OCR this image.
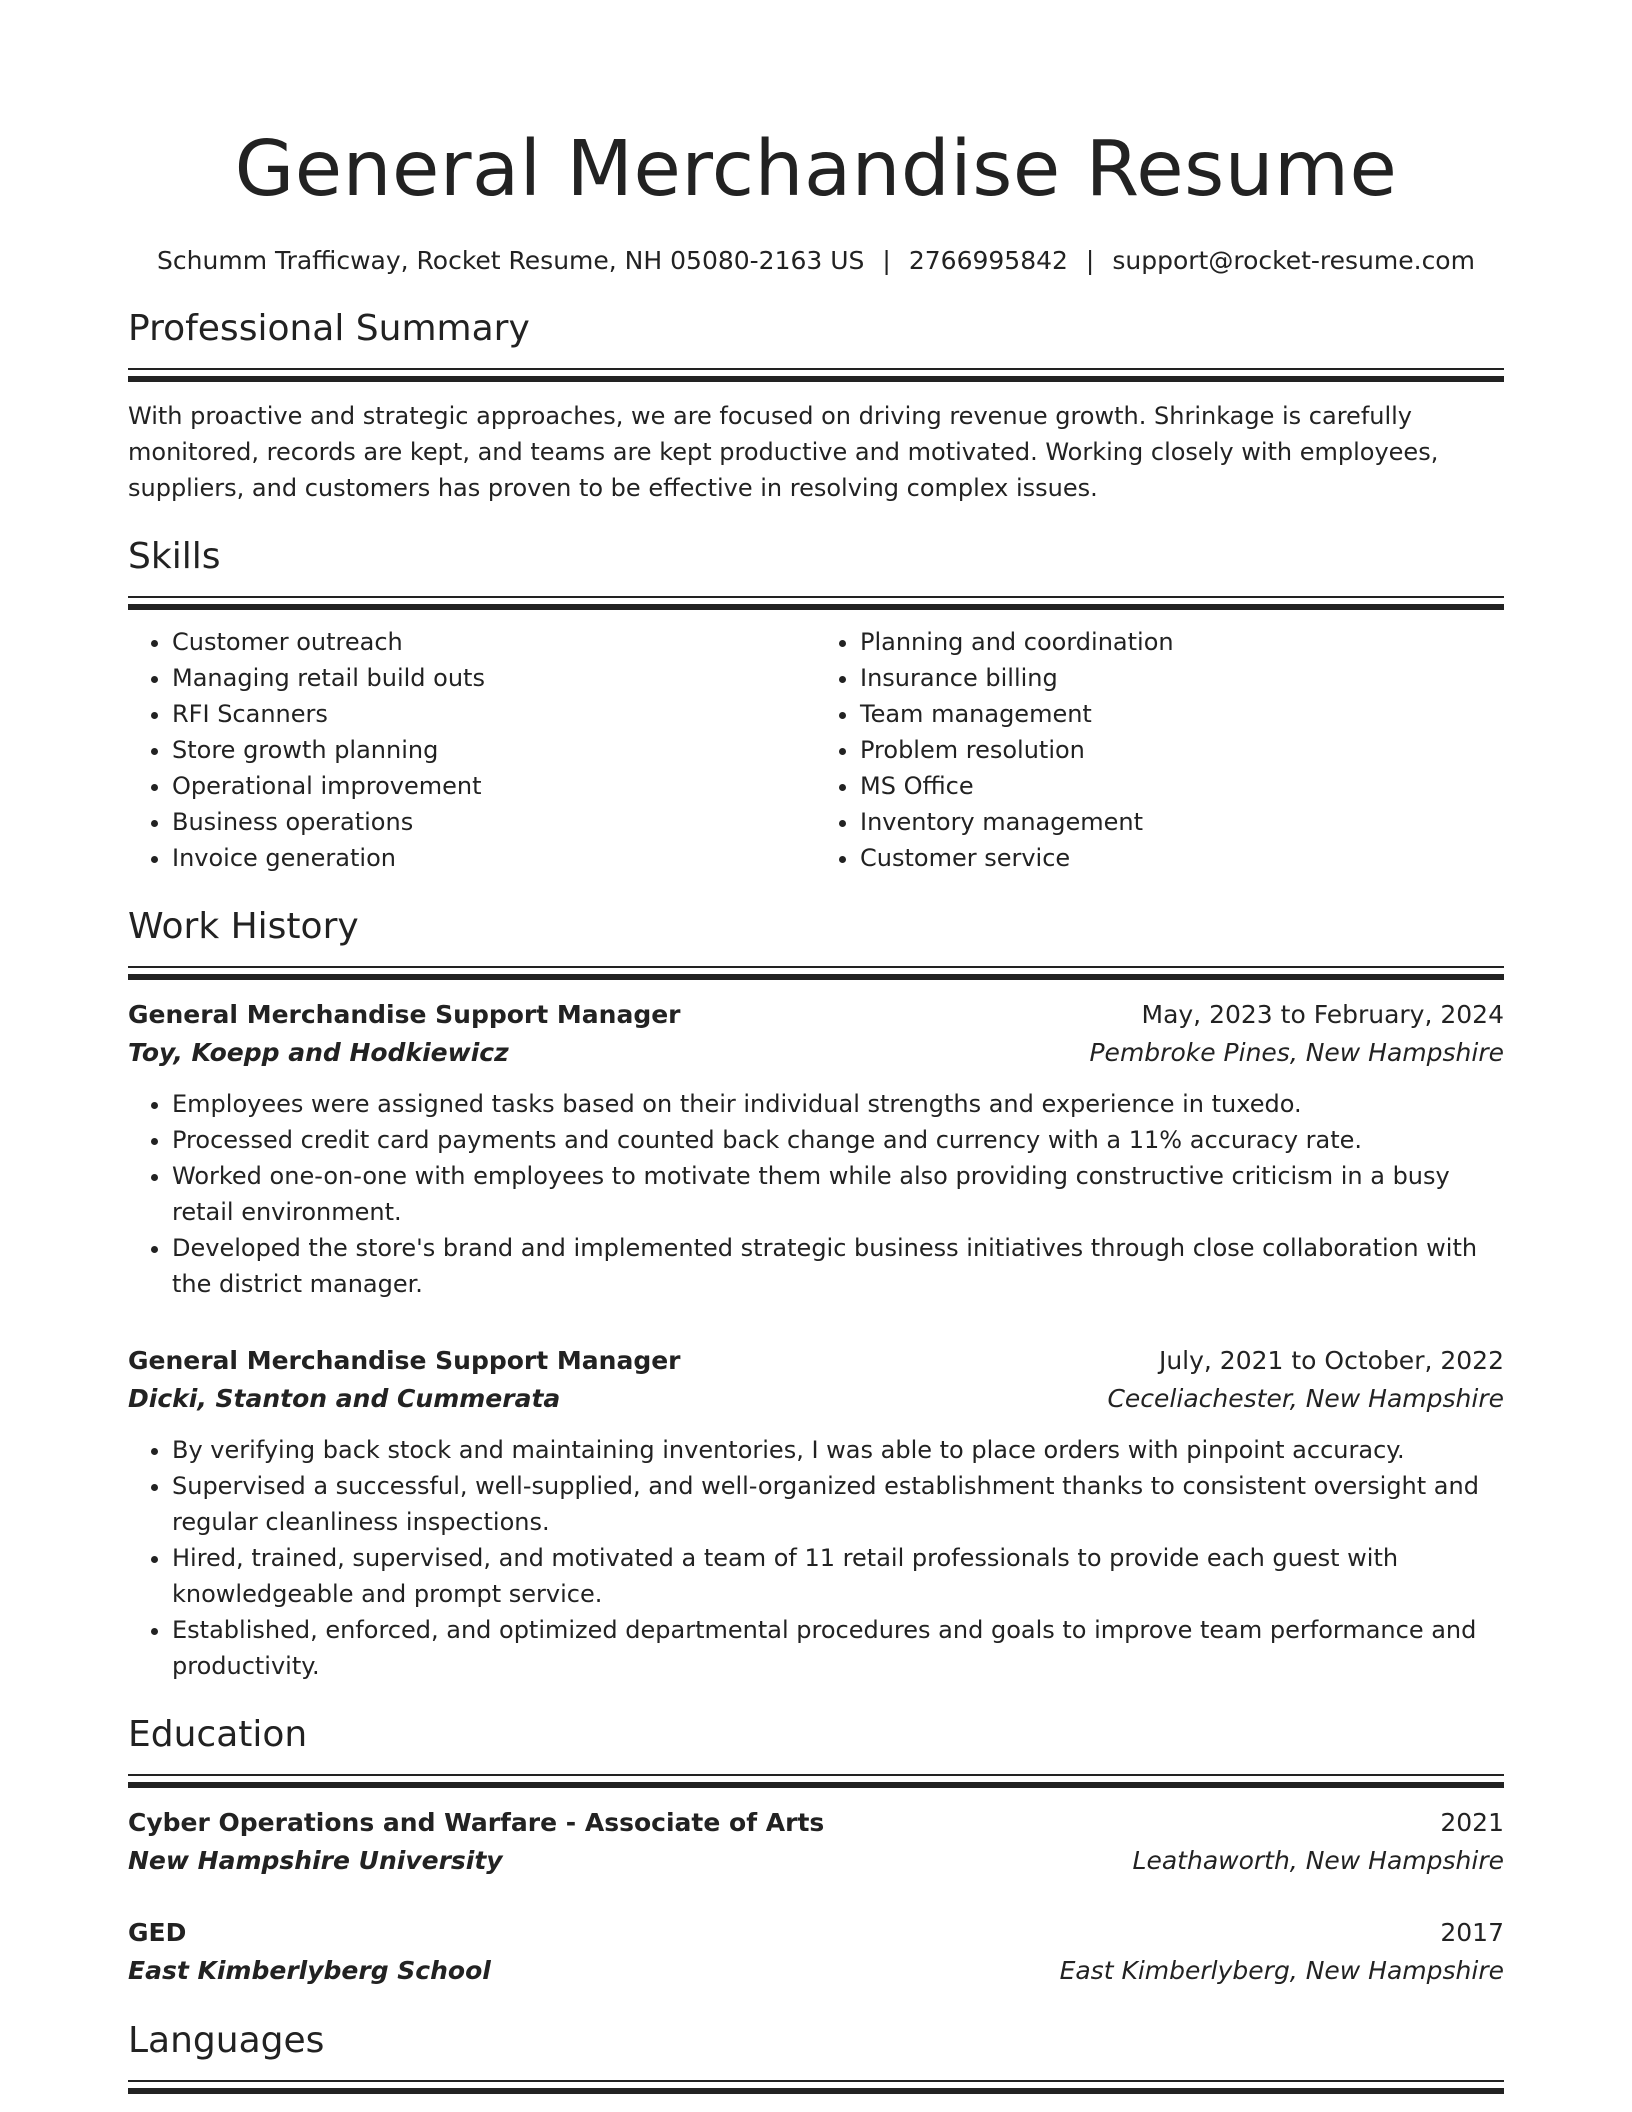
General Merchandise Resume
Schumm Trafficway, Rocket Resume, NH 05080-2163 US | 2766995842 | support@rocket-resume.com
Professional Summary

With proactive and strategic approaches, we are focused on driving revenue growth. Shrinkage is carefully monitored, records are kept, and teams are kept productive and motivated. Working closely with employees, suppliers, and customers has proven to be effective in resolving complex issues.

Skills
• Customer outreach
• Managing retail build outs
• RFI Scanners
• Store growth planning
• Operational improvement
• Business operations
• Invoice generation
• Planning and coordination
• Insurance billing
• Team management
• Problem resolution
• MS Office
• Inventory management
• Customer service
Work History
General Merchandise Support Manager	May, 2023 to February, 2024
Toy, Koepp and Hodkiewicz	Pembroke Pines, New Hampshire
• Employees were assigned tasks based on their individual strengths and experience in tuxedo.
• Processed credit card payments and counted back change and currency with a 11% accuracy rate.
• Worked one-on-one with employees to motivate them while also providing constructive criticism in a busy retail environment.
• Developed the store's brand and implemented strategic business initiatives through close collaboration with the district manager.
General Merchandise Support Manager	July, 2021 to October, 2022
Dicki, Stanton and Cummerata	Ceceliachester, New Hampshire
• By verifying back stock and maintaining inventories, I was able to place orders with pinpoint accuracy.
• Supervised a successful, well-supplied, and well-organized establishment thanks to consistent oversight and regular cleanliness inspections.
• Hired, trained, supervised, and motivated a team of 11 retail professionals to provide each guest with knowledgeable and prompt service.
• Established, enforced, and optimized departmental procedures and goals to improve team performance and productivity.
Education
Cyber Operations and Warfare - Associate of Arts	2021
New Hampshire University	Leathaworth, New Hampshire
GED	2017
East Kimberlyberg School	East Kimberlyberg, New Hampshire
Languages
